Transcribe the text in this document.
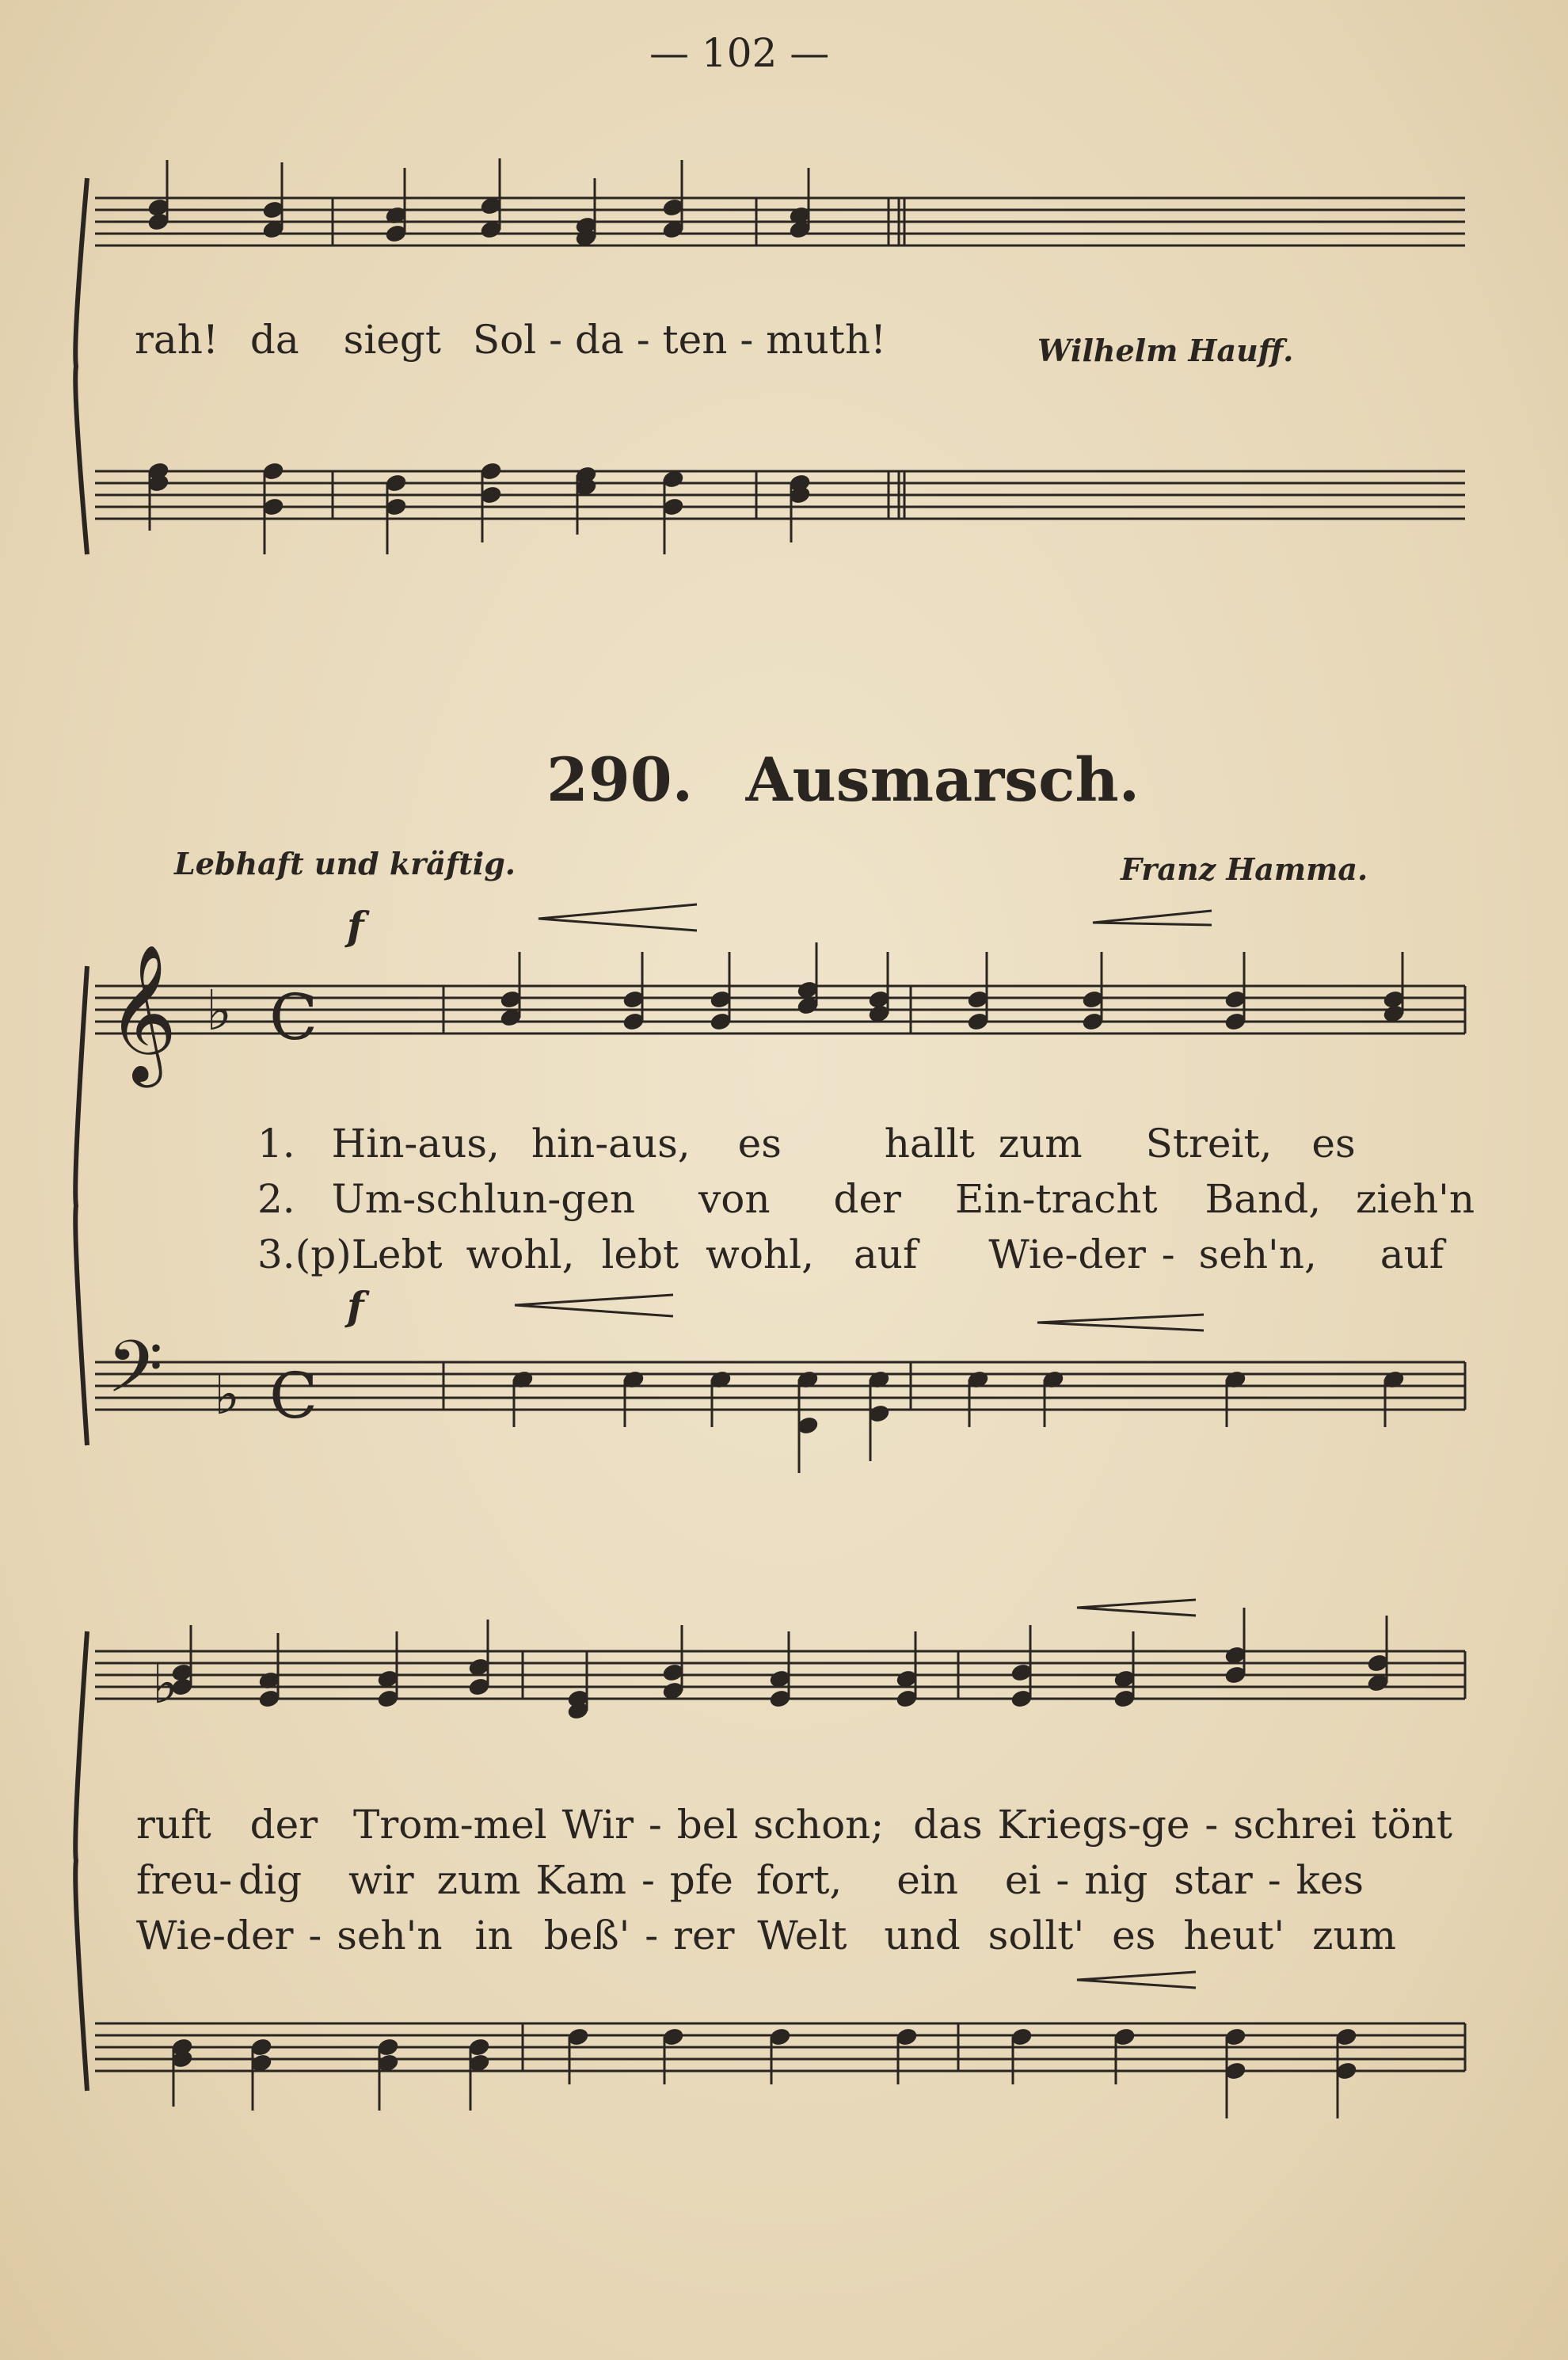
— 102 —
rah! da siegt Sol - da - ten - muth!	Wilhelm Hauff.
290. Ausmarsch.
Lebhaft und kräftig.	Franz Hamma.
f
f
1. Hin-aus, hin-aus, es	hallt zum Streit, es
2. Um-schlun-gen von der Ein-tracht Band, zieh'n
3.(p)Lebt wohl, lebt wohl, auf Wie-der - seh'n, auf
ruft der Trom-mel Wir - bel schon; das Kriegs-ge - schrei tönt
freu- dig wir zum Kam - pfe fort, ein ei - nig star - kes
Wie-der - seh'n in beß' - rer Welt und sollt' es heut' zum
𝄞 ♭ C
𝄢 ♭ C
♭
